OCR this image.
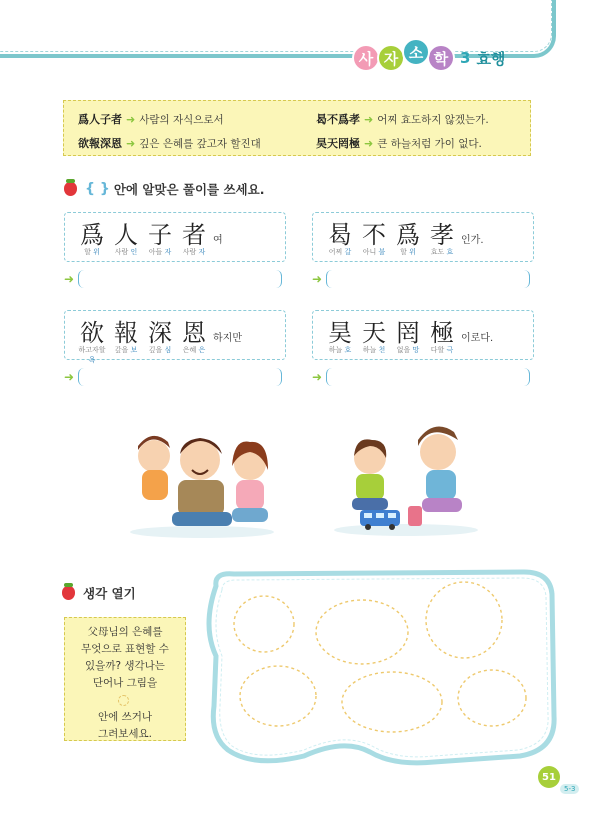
사 자 소 학 3 효행
爲人子者 ➜ 사람의 자식으로서
欲報深恩 ➜ 깊은 은혜를 갚고자 할진대
曷不爲孝 ➜ 어찌 효도하지 않겠는가.
昊天罔極 ➜ 큰 하늘처럼 가이 없다.
{ } 안에 알맞은 풀이를 쓰세요.
爲 人 子 者 여
할 위	사람 인	아들 자	사람 자
➜
曷 不 爲 孝 인가.
어찌 갈	아니 불	할 위	효도 효
➜
欲 報 深 恩 하지만
하고자할 욕
갚을 보	깊을 심	은혜 은
➜
昊 天 罔 極 이로다.
하늘 호	하늘 천	없을 망	다할 극
➜
생각 열기
父母님의 은혜를
무엇으로 표현할 수
있을까? 생각나는
단어나 그림을
안에 쓰거나
그려보세요.
51
5-3
